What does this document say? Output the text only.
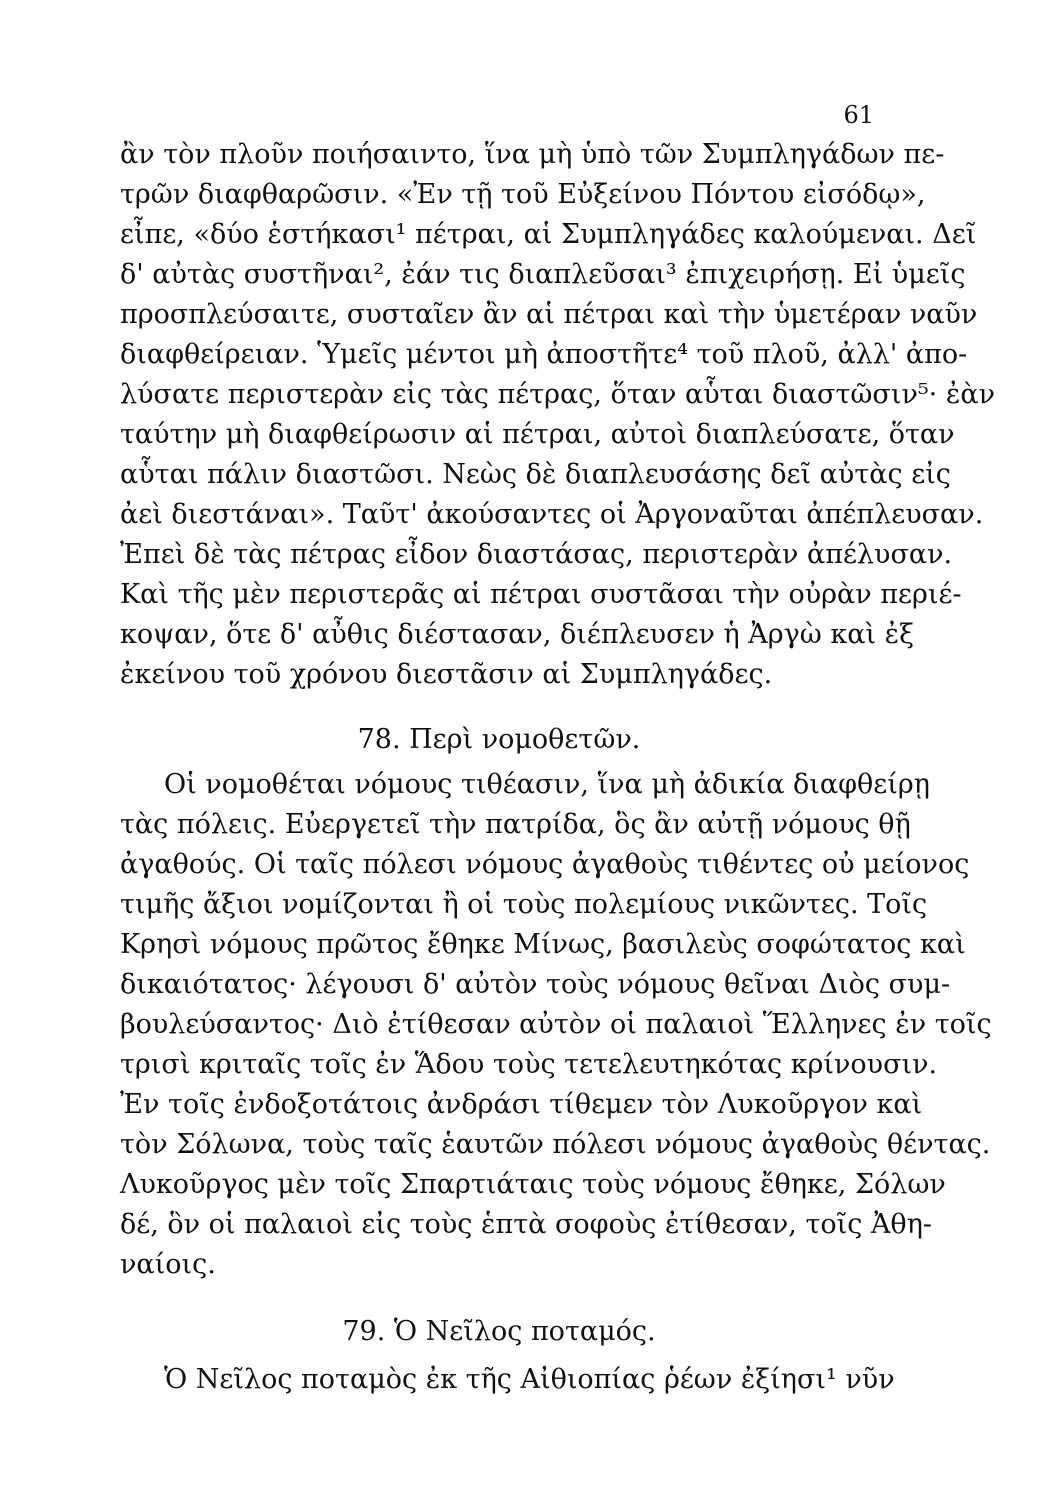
61
ἂν τὸν πλοῦν ποιήσαιντο, ἵνα μὴ ὑπὸ τῶν Συμπληγάδων πε-
τρῶν διαφθαρῶσιν. «Ἐν τῇ τοῦ Εὐξείνου Πόντου εἰσόδῳ»,
εἶπε, «δύο ἑστήκασι¹ πέτραι, αἱ Συμπληγάδες καλούμεναι. Δεῖ
δ' αὐτὰς συστῆναι², ἐάν τις διαπλεῦσαι³ ἐπιχειρήσῃ. Εἰ ὑμεῖς
προσπλεύσαιτε, συσταῖεν ἂν αἱ πέτραι καὶ τὴν ὑμετέραν ναῦν
διαφθείρειαν. Ὑμεῖς μέντοι μὴ ἀποστῆτε⁴ τοῦ πλοῦ, ἀλλ' ἀπο-
λύσατε περιστερὰν εἰς τὰς πέτρας, ὅταν αὗται διαστῶσιν⁵· ἐὰν
ταύτην μὴ διαφθείρωσιν αἱ πέτραι, αὐτοὶ διαπλεύσατε, ὅταν
αὗται πάλιν διαστῶσι. Νεὼς δὲ διαπλευσάσης δεῖ αὐτὰς εἰς
ἀεὶ διεστάναι». Ταῦτ' ἀκούσαντες οἱ Ἀργοναῦται ἀπέπλευσαν.
Ἐπεὶ δὲ τὰς πέτρας εἶδον διαστάσας, περιστερὰν ἀπέλυσαν.
Καὶ τῆς μὲν περιστερᾶς αἱ πέτραι συστᾶσαι τὴν οὐρὰν περιέ-
κοψαν, ὅτε δ' αὖθις διέστασαν, διέπλευσεν ἡ Ἀργὼ καὶ ἐξ
ἐκείνου τοῦ χρόνου διεστᾶσιν αἱ Συμπληγάδες.
78. Περὶ νομοθετῶν.
Οἱ νομοθέται νόμους τιθέασιν, ἵνα μὴ ἀδικία διαφθείρῃ
τὰς πόλεις. Εὐεργετεῖ τὴν πατρίδα, ὃς ἂν αὐτῇ νόμους θῇ
ἀγαθούς. Οἱ ταῖς πόλεσι νόμους ἀγαθοὺς τιθέντες οὐ μείονος
τιμῆς ἄξιοι νομίζονται ἢ οἱ τοὺς πολεμίους νικῶντες. Τοῖς
Κρησὶ νόμους πρῶτος ἔθηκε Μίνως, βασιλεὺς σοφώτατος καὶ
δικαιότατος· λέγουσι δ' αὐτὸν τοὺς νόμους θεῖναι Διὸς συμ-
βουλεύσαντος· Διὸ ἐτίθεσαν αὐτὸν οἱ παλαιοὶ Ἕλληνες ἐν τοῖς
τρισὶ κριταῖς τοῖς ἐν Ἅδου τοὺς τετελευτηκότας κρίνουσιν.
Ἐν τοῖς ἐνδοξοτάτοις ἀνδράσι τίθεμεν τὸν Λυκοῦργον καὶ
τὸν Σόλωνα, τοὺς ταῖς ἑαυτῶν πόλεσι νόμους ἀγαθοὺς θέντας.
Λυκοῦργος μὲν τοῖς Σπαρτιάταις τοὺς νόμους ἔθηκε, Σόλων
δέ, ὃν οἱ παλαιοὶ εἰς τοὺς ἑπτὰ σοφοὺς ἐτίθεσαν, τοῖς Ἀθη-
ναίοις.
79. Ὁ Νεῖλος ποταμός.
Ὁ Νεῖλος ποταμὸς ἐκ τῆς Αἰθιοπίας ῥέων ἐξίησι¹ νῦν
